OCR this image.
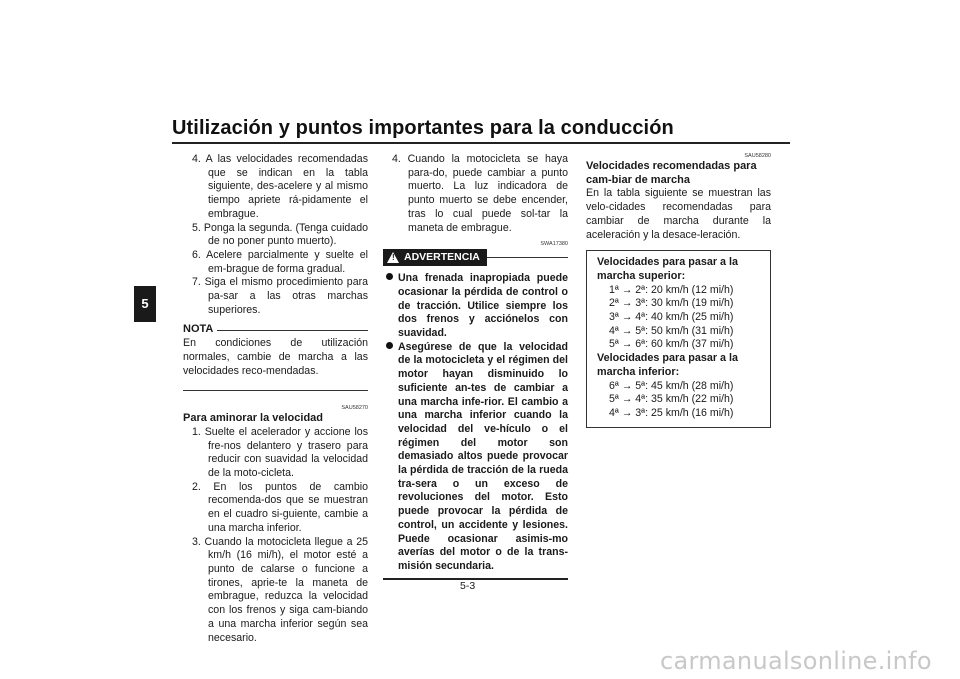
Utilización y puntos importantes para la conducción
5
4. A las velocidades recomendadas que se indican en la tabla siguiente, des-acelere y al mismo tiempo apriete rá-pidamente el embrague.
5. Ponga la segunda. (Tenga cuidado de no poner punto muerto).
6. Acelere parcialmente y suelte el em-brague de forma gradual.
7. Siga el mismo procedimiento para pa-sar a las otras marchas superiores.
NOTA
En condiciones de utilización normales, cambie de marcha a las velocidades reco-mendadas.
SAU58270
Para aminorar la velocidad
1. Suelte el acelerador y accione los fre-nos delantero y trasero para reducir con suavidad la velocidad de la moto-cicleta.
2. En los puntos de cambio recomenda-dos que se muestran en el cuadro si-guiente, cambie a una marcha inferior.
3. Cuando la motocicleta llegue a 25 km/h (16 mi/h), el motor esté a punto de calarse o funcione a tirones, aprie-te la maneta de embrague, reduzca la velocidad con los frenos y siga cam-biando a una marcha inferior según sea necesario.
4. Cuando la motocicleta se haya para-do, puede cambiar a punto muerto. La luz indicadora de punto muerto se debe encender, tras lo cual puede sol-tar la maneta de embrague.
SWA17380
! ADVERTENCIA
Una frenada inapropiada puede ocasionar la pérdida de control o de tracción. Utilice siempre los dos frenos y acciónelos con suavidad.
Asegúrese de que la velocidad de la motocicleta y el régimen del motor hayan disminuido lo suficiente an-tes de cambiar a una marcha infe-rior. El cambio a una marcha inferior cuando la velocidad del ve-hículo o el régimen del motor son demasiado altos puede provocar la pérdida de tracción de la rueda tra-sera o un exceso de revoluciones del motor. Esto puede provocar la pérdida de control, un accidente y lesiones. Puede ocasionar asimis-mo averías del motor o de la trans-misión secundaria.
SAU58280
Velocidades recomendadas para cam-biar de marcha
En la tabla siguiente se muestran las velo-cidades recomendadas para cambiar de marcha durante la aceleración y la desace-leración.
Velocidades para pasar a la marcha superior:
1ª → 2ª: 20 km/h (12 mi/h)
2ª → 3ª: 30 km/h (19 mi/h)
3ª → 4ª: 40 km/h (25 mi/h)
4ª → 5ª: 50 km/h (31 mi/h)
5ª → 6ª: 60 km/h (37 mi/h)
Velocidades para pasar a la marcha inferior:
6ª → 5ª: 45 km/h (28 mi/h)
5ª → 4ª: 35 km/h (22 mi/h)
4ª → 3ª: 25 km/h (16 mi/h)
5-3
carmanualsonline.info
